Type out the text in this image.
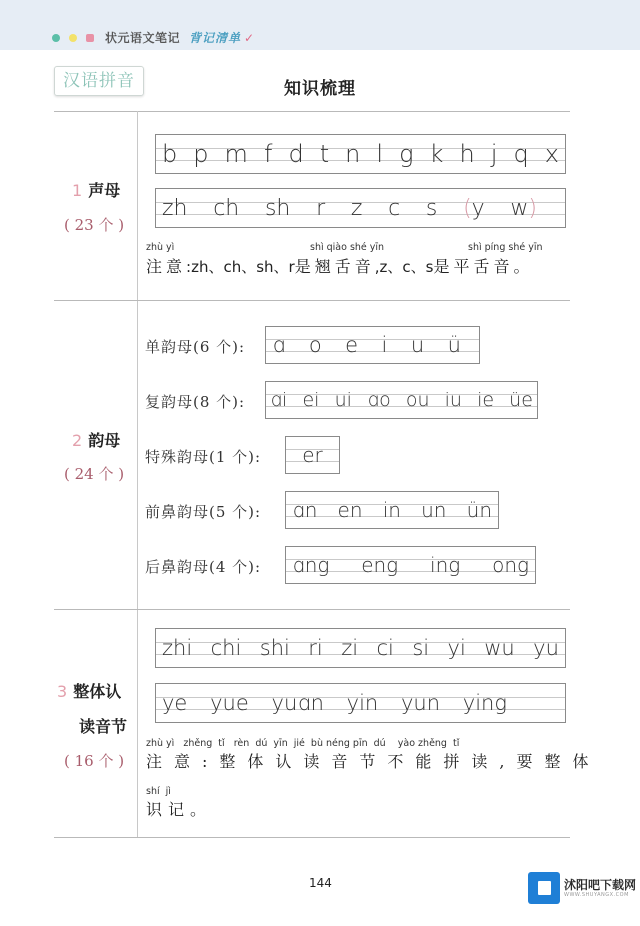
状元语文笔记 背记清单 ✓
汉语拼音	知识梳理
1 声母
( 23 个 )
b p m f d t n l g k h j q x
zh ch sh r z c s (y w)
zhù yì	shì qiào shé yīn	shì píng shé yīn
注意:zh、ch、sh、r是翘舌音,z、c、s是平舌音。
2 韵母
( 24 个 )
单韵母(6 个): ɑ o e i u ü
复韵母(8 个): ɑi ei ui ɑo ou iu ie üe
特殊韵母(1 个): er
前鼻韵母(5 个): ɑn en in un ün
后鼻韵母(4 个): ɑng eng ing ong
3 整体认
读音节
( 16 个 )
zhi chi shi ri zi ci si yi wu yu
ye yue yuɑn yin yun ying
zhù yì   zhěng  tǐ   rèn  dú  yīn  jié  bù néng pīn  dú    yào zhěng  tǐ
注意:整体认读音节不能拼读,要整体
shí  jì
识记。
144	沭阳吧下载网
WWW.SHUYANGX.COM
